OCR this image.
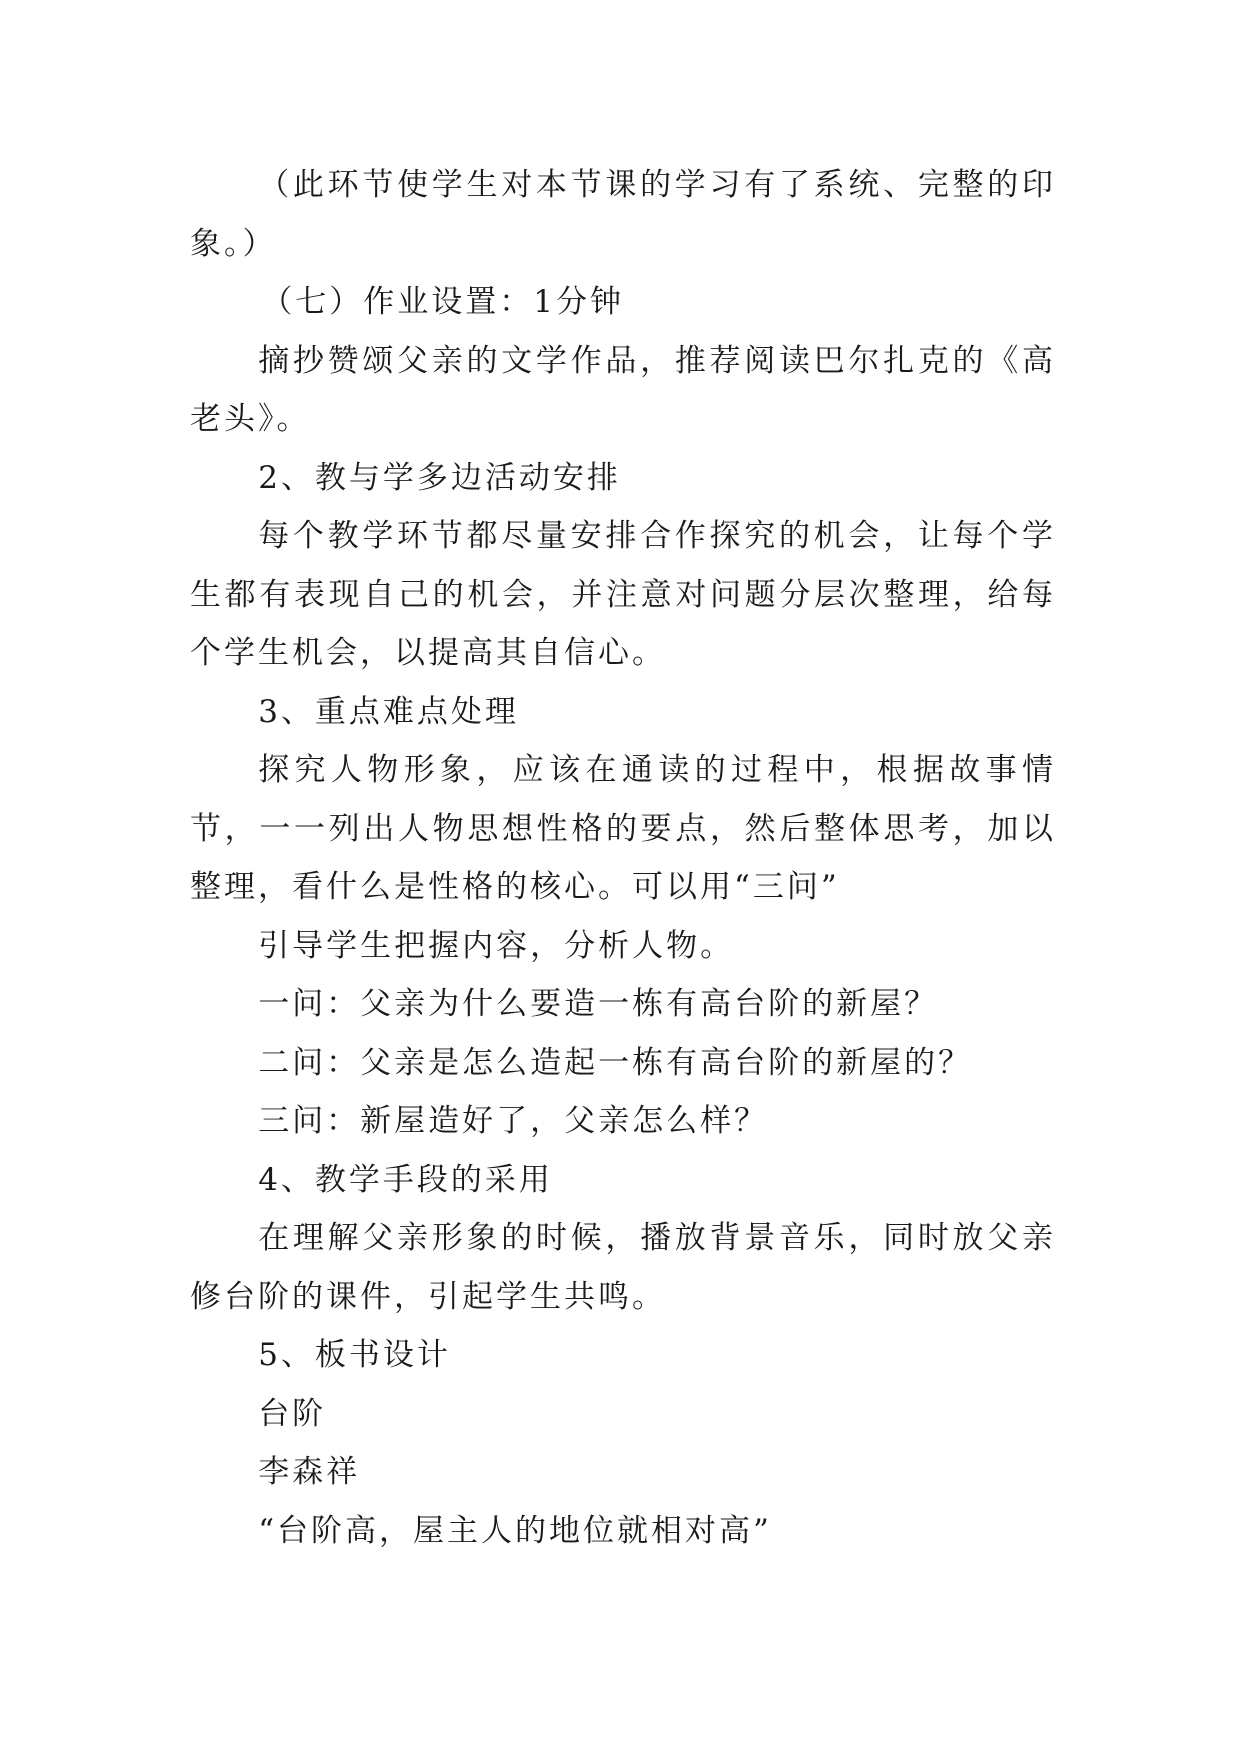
（此环节使学生对本节课的学习有了系统、完整的印象。）

（七）作业设置：1分钟

摘抄赞颂父亲的文学作品，推荐阅读巴尔扎克的《高老头》。

2、教与学多边活动安排

每个教学环节都尽量安排合作探究的机会，让每个学生都有表现自己的机会，并注意对问题分层次整理，给每个学生机会，以提高其自信心。

3、重点难点处理

探究人物形象，应该在通读的过程中，根据故事情节，一一列出人物思想性格的要点，然后整体思考，加以整理，看什么是性格的核心。可以用“三问”

引导学生把握内容，分析人物。

一问：父亲为什么要造一栋有高台阶的新屋？

二问：父亲是怎么造起一栋有高台阶的新屋的？

三问：新屋造好了，父亲怎么样？

4、教学手段的采用

在理解父亲形象的时候，播放背景音乐，同时放父亲修台阶的课件，引起学生共鸣。

5、板书设计

台阶

李森祥

“台阶高，屋主人的地位就相对高”
